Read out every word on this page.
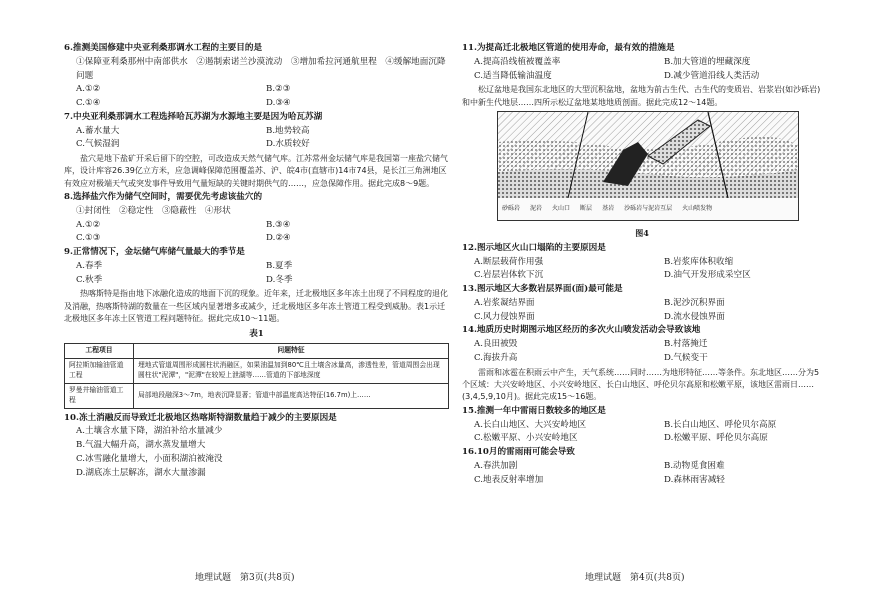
6.推测美国修建中央亚利桑那调水工程的主要目的是

①保障亚利桑那州中南部供水　②遏制索诺兰沙漠流动　③增加希拉河通航里程　④缓解地面沉降问题
A.①②	B.②③
C.①④	D.③④

7.中央亚利桑那调水工程选择哈瓦苏湖为水源地主要是因为哈瓦苏湖

A.蓄水量大	B.地势较高
C.气候湿润	D.水质较好

盐穴是地下盐矿开采后留下的空腔，可改造成天然气储气库。江苏常州金坛储气库是我国第一座盐穴储气库，设计库容26.39亿立方米，应急调峰保障范围覆盖苏、沪、皖4市(直辖市)14市74县，是长江三角洲地区有效应对极端天气或突发事件导致用气量短缺的关键时期供气的……，应急保障作用。据此完成8～9题。

8.选择盐穴作为储气空间时，需要优先考虑该盐穴的

①封闭性　②稳定性　③隐蔽性　④形状
A.①②	B.③④
C.①③	D.②④

9.正常情况下，金坛储气库储气量最大的季节是

A.春季	B.夏季
C.秋季	D.冬季

热喀斯特是指由地下冰融化造成的地面下沉的现象。近年来，迁北极地区多年冻土出现了不同程度的退化及消融，热喀斯特湖的数量在一些区域内显著增多或减少，迁北极地区多年冻土管道工程受到威胁。表1示迁北极地区多年冻土区管道工程问题特征。据此完成10～11题。

表1
工程项目	问题特征
阿拉斯加输油管道工程	埋地式管道周围形成圆柱状消融区，如果油温加到80℃且土壤含冰量高，渗透性差，管道周围会出现圆柱状"泥潭"，"泥潭"在较短上泄湖等……管道的下部地深度
罗曼井输油管道工程	局部地段融深3～7m，地表沉降显著；管道中部温度高达特征(16.7m)上……

10.冻土消融反而导致迁北极地区热喀斯特湖数量趋于减少的主要原因是

A.土壤含水量下降，湖泊补给水量减少
B.气温大幅升高，湖水蒸发量增大
C.冰雪融化量增大，小面积湖泊被淹没
D.湖底冻土层解冻，湖水大量渗漏
地理试题　第3页(共8页)

11.为提高迁北极地区管道的使用寿命，最有效的措施是

A.提高沿线植被覆盖率	B.加大管道的埋藏深度
C.适当降低输油温度	D.减少管道沿线人类活动

松辽盆地是我国东北地区的大型沉积盆地，盆地为前古生代、古生代的变质岩、岩浆岩(如沙砾岩)和中新生代地层……四所示松辽盆地某地地质剖面。据此完成12～14题。

砂砾岩 泥岩 火山口 断层 基岩 沙砾岩与泥岩互层 火山喷发物
图4

12.图示地区火山口塌陷的主要原因是

A.断层载荷作用强	B.岩浆库体积收缩
C.岩层岩体软下沉	D.油气开发形成采空区

13.图示地区大多数岩层界面(面)最可能是

A.岩浆凝结界面	B.泥沙沉积界面
C.风力侵蚀界面	D.流水侵蚀界面

14.地质历史时期图示地区经历的多次火山喷发活动会导致该地

A.良田被毁	B.村落掩迁
C.海拔升高	D.气候变干

雷雨和冰雹在积雨云中产生，天气系统……同时……为地形特征……等条件。东北地区……分为5个区域：大兴安岭地区、小兴安岭地区、长白山地区、呼伦贝尔高原和松嫩平原，该地区雷雨日……(3,4,5,9,10月)。据此完成15～16题。

15.推测一年中雷雨日数较多的地区是

A.长白山地区、大兴安岭地区	B.长白山地区、呼伦贝尔高原
C.松嫩平原、小兴安岭地区	D.松嫩平原、呼伦贝尔高原

16.10月的雷雨雨可能会导致

A.春洪加剧	B.动物觅食困难
C.地表反射率增加	D.森林雨害减轻
地理试题　第4页(共8页)
